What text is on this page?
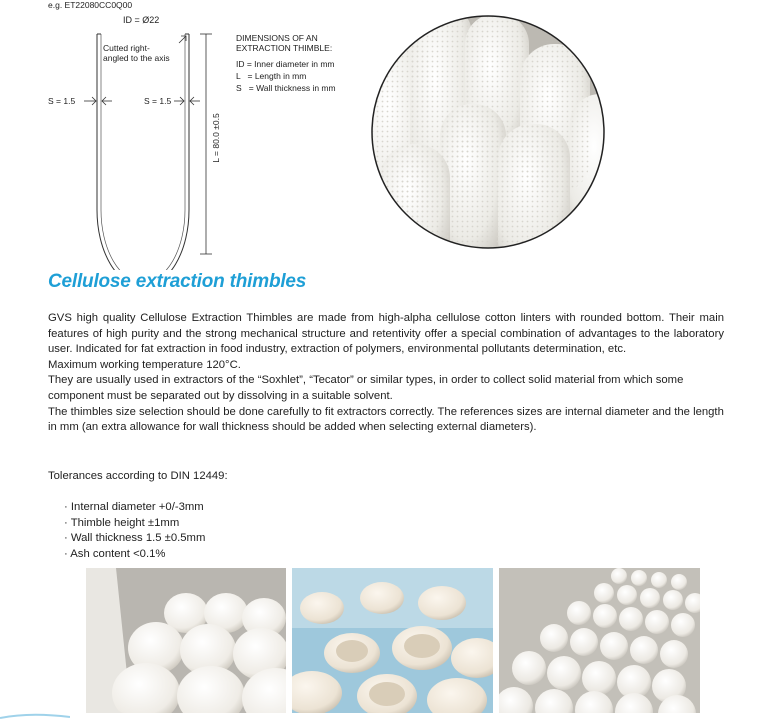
e.g. ET22080CC0Q00
ID = Ø22
Cutted right-
angled to the axis
S = 1.5	S = 1.5
L = 80.0 ±0.5
DIMENSIONS OF AN
EXTRACTION THIMBLE:
ID = Inner diameter in mm
L   = Length in mm
S   = Wall thickness in mm
Cellulose extraction thimbles

GVS high quality Cellulose Extraction Thimbles are made from high-alpha cellulose cotton linters with rounded bottom. Their main features of high purity and the strong mechanical structure and retentivity offer a special combination of advantages to the laboratory user. Indicated for fat extraction in food industry, extraction of polymers, environmental pollutants determination, etc.

Maximum working temperature 120°C.

They are usually used in extractors of the “Soxhlet”, “Tecator” or similar types, in order to collect solid material from which some component must be separated out by dissolving in a suitable solvent.

The thimbles size selection should be done carefully to fit extractors correctly. The references sizes are internal diameter and the length in mm (an extra allowance for wall thickness should be added when selecting external diameters).

Tolerances according to DIN 12449:
· Internal diameter +0/-3mm
· Thimble height ±1mm
· Wall thickness 1.5 ±0.5mm
· Ash content <0.1%
